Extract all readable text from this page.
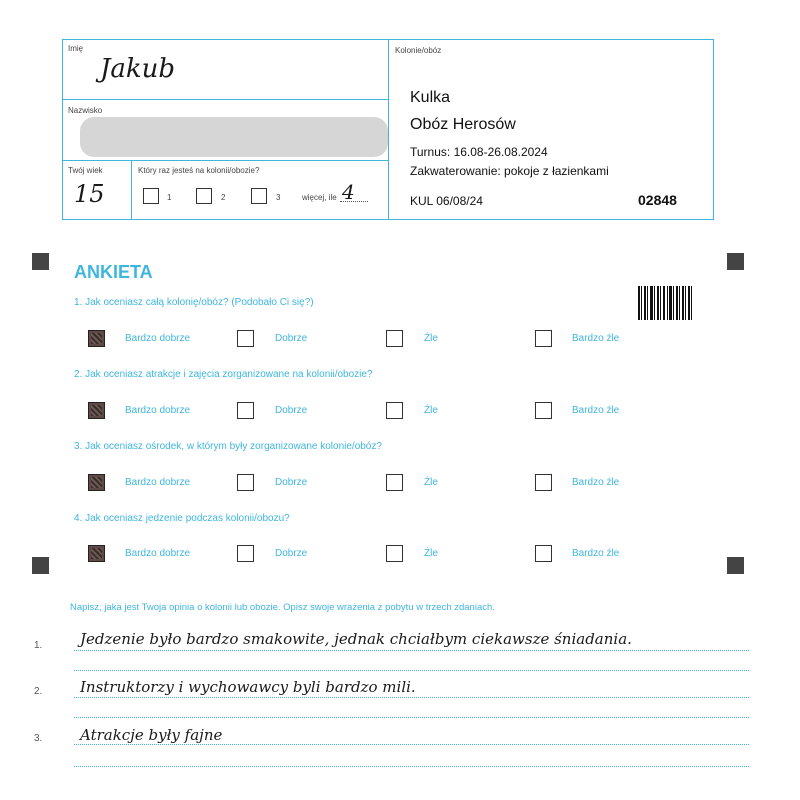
Imię
Jakub
Nazwisko
Twój wiek
15
Który raz jesteś na kolonii/obozie?
1	2	3	więcej, ile 4
Kolonie/obóz
Kulka
Obóz Herosów
Turnus: 16.08-26.08.2024
Zakwaterowanie: pokoje z łazienkami
KUL 06/08/24	02848
ANKIETA
1. Jak oceniasz całą kolonię/obóz? (Podobało Ci się?)
Bardzo dobrze	Dobrze	Źle	Bardzo źle
2. Jak oceniasz atrakcje i zajęcia zorganizowane na kolonii/obozie?
Bardzo dobrze	Dobrze	Źle	Bardzo źle
3. Jak oceniasz ośrodek, w którym były zorganizowane kolonie/obóz?
Bardzo dobrze	Dobrze	Źle	Bardzo źle
4. Jak oceniasz jedzenie podczas kolonii/obozu?
Bardzo dobrze	Dobrze	Źle	Bardzo źle
Napisz, jaka jest Twoja opinia o kolonii lub obozie. Opisz swoje wrażenia z pobytu w trzech zdaniach.
1.	Jedzenie było bardzo smakowite, jednak chciałbym ciekawsze śniadania.
2.	Instruktorzy i wychowawcy byli bardzo mili.
3.	Atrakcje były fajne
